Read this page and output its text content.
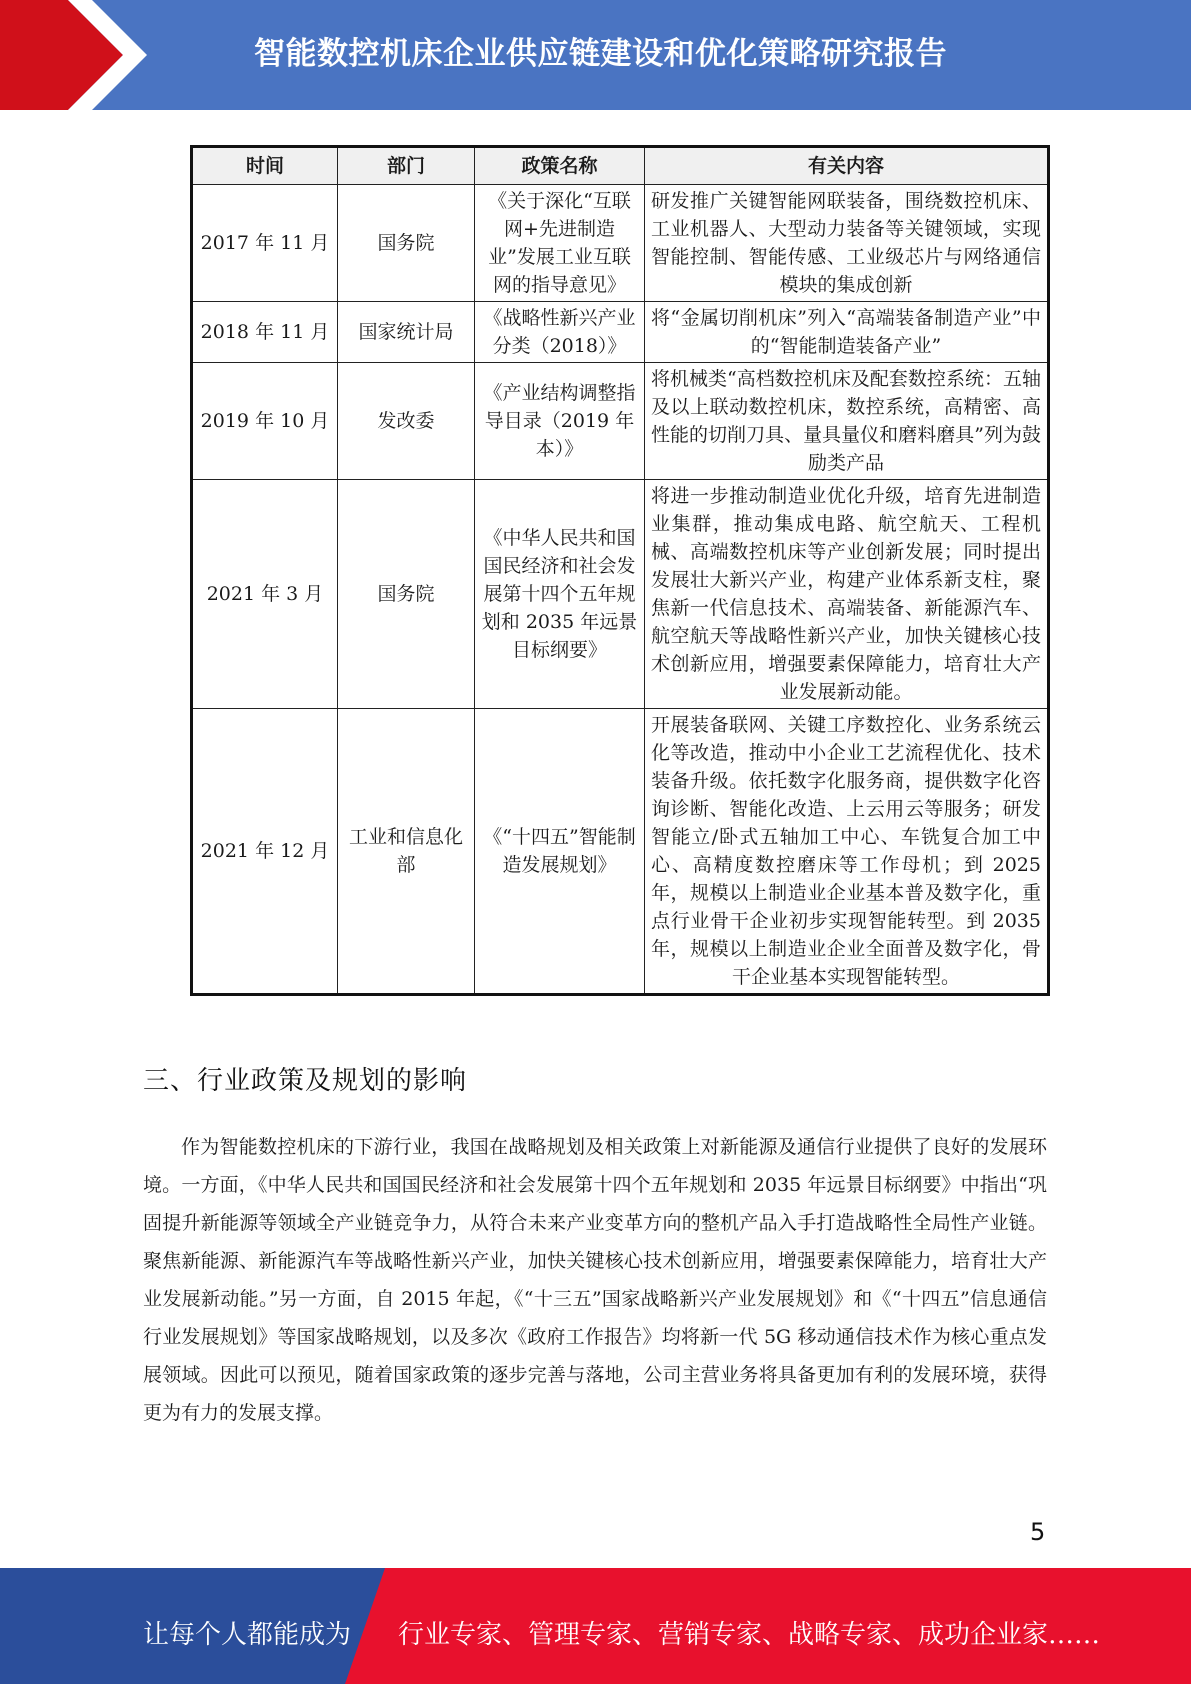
智能数控机床企业供应链建设和优化策略研究报告
时间	部门	政策名称	有关内容
2017 年 11 月	国务院	《关于深化“互联网+先进制造业”发展工业互联网的指导意见》	研发推广关键智能网联装备，围绕数控机床、工业机器人、大型动力装备等关键领域，实现智能控制、智能传感、工业级芯片与网络通信模块的集成创新
2018 年 11 月	国家统计局	《战略性新兴产业分类（2018）》	将“金属切削机床”列入“高端装备制造产业”中的“智能制造装备产业”
2019 年 10 月	发改委	《产业结构调整指导目录（2019 年本）》	将机械类“高档数控机床及配套数控系统：五轴及以上联动数控机床，数控系统，高精密、高性能的切削刀具、量具量仪和磨料磨具”列为鼓励类产品
2021 年 3 月	国务院	《中华人民共和国国民经济和社会发展第十四个五年规划和 2035 年远景目标纲要》	将进一步推动制造业优化升级，培育先进制造业集群，推动集成电路、航空航天、工程机械、高端数控机床等产业创新发展；同时提出发展壮大新兴产业，构建产业体系新支柱，聚焦新一代信息技术、高端装备、新能源汽车、航空航天等战略性新兴产业，加快关键核心技术创新应用，增强要素保障能力，培育壮大产业发展新动能。
2021 年 12 月	工业和信息化部	《“十四五”智能制造发展规划》	开展装备联网、关键工序数控化、业务系统云化等改造，推动中小企业工艺流程优化、技术装备升级。依托数字化服务商，提供数字化咨询诊断、智能化改造、上云用云等服务；研发智能立/卧式五轴加工中心、车铣复合加工中心、高精度数控磨床等工作母机；到 2025 年，规模以上制造业企业基本普及数字化，重点行业骨干企业初步实现智能转型。到 2035 年，规模以上制造业企业全面普及数字化，骨干企业基本实现智能转型。
三、行业政策及规划的影响

作为智能数控机床的下游行业，我国在战略规划及相关政策上对新能源及通信行业提供了良好的发展环境。一方面，《中华人民共和国国民经济和社会发展第十四个五年规划和 2035 年远景目标纲要》中指出“巩固提升新能源等领域全产业链竞争力，从符合未来产业变革方向的整机产品入手打造战略性全局性产业链。聚焦新能源、新能源汽车等战略性新兴产业，加快关键核心技术创新应用，增强要素保障能力，培育壮大产业发展新动能。”另一方面，自 2015 年起，《“十三五”国家战略新兴产业发展规划》和《“十四五”信息通信行业发展规划》等国家战略规划，以及多次《政府工作报告》均将新一代 5G 移动通信技术作为核心重点发展领域。因此可以预见，随着国家政策的逐步完善与落地，公司主营业务将具备更加有利的发展环境，获得更为有力的发展支撑。

5
让每个人都能成为 行业专家、管理专家、营销专家、战略专家、成功企业家……
